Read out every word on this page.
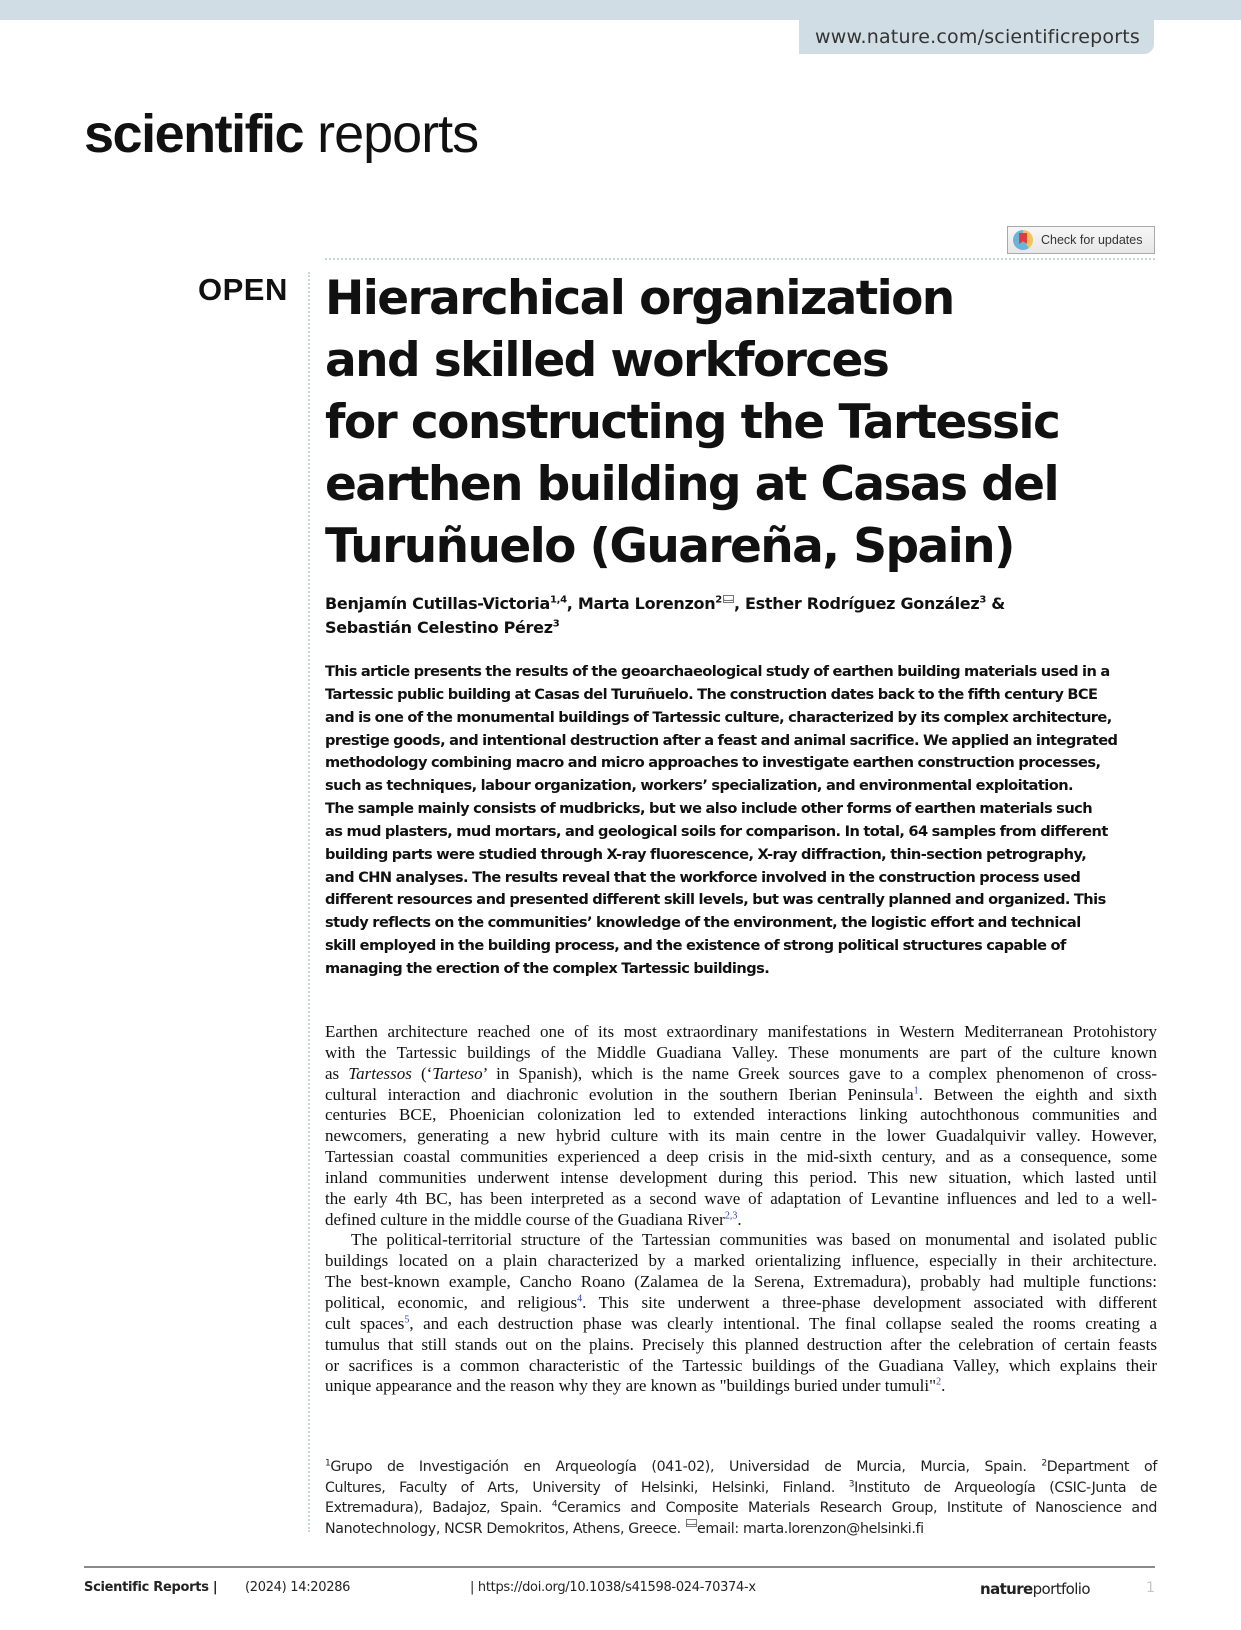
www.nature.com/scientificreports
scientific reports
Check for updates
OPEN Hierarchical organization
and skilled workforces
for constructing the Tartessic
earthen building at Casas del
Turuñuelo (Guareña, Spain)
Benjamín Cutillas-Victoria$^{1,4}$, Marta Lorenzon$^2$ , Esther Rodríguez González$^3$ &
Sebastián Celestino Pérez$^3$
This article presents the results of the geoarchaeological study of earthen building materials used in a
Tartessic public building at Casas del Turuñuelo. The construction dates back to the fifth century BCE
and is one of the monumental buildings of Tartessic culture, characterized by its complex architecture,
prestige goods, and intentional destruction after a feast and animal sacrifice. We applied an integrated
methodology combining macro and micro approaches to investigate earthen construction processes,
such as techniques, labour organization, workers’ specialization, and environmental exploitation.
The sample mainly consists of mudbricks, but we also include other forms of earthen materials such
as mud plasters, mud mortars, and geological soils for comparison. In total, 64 samples from different
building parts were studied through X-ray fluorescence, X-ray diffraction, thin-section petrography,
and CHN analyses. The results reveal that the workforce involved in the construction process used
different resources and presented different skill levels, but was centrally planned and organized. This
study reflects on the communities’ knowledge of the environment, the logistic effort and technical
skill employed in the building process, and the existence of strong political structures capable of
managing the erection of the complex Tartessic buildings.
Earthen architecture reached one of its most extraordinary manifestations in Western Mediterranean Protohistory
with the Tartessic buildings of the Middle Guadiana Valley. These monuments are part of the culture known
as Tartessos (‘Tarteso’ in Spanish), which is the name Greek sources gave to a complex phenomenon of cross-
cultural interaction and diachronic evolution in the southern Iberian Peninsula$^1$. Between the eighth and sixth
centuries BCE, Phoenician colonization led to extended interactions linking autochthonous communities and
newcomers, generating a new hybrid culture with its main centre in the lower Guadalquivir valley. However,
Tartessian coastal communities experienced a deep crisis in the mid-sixth century, and as a consequence, some
inland communities underwent intense development during this period. This new situation, which lasted until
the early 4th BC, has been interpreted as a second wave of adaptation of Levantine influences and led to a well-
defined culture in the middle course of the Guadiana River$^{2,3}$.
The political-territorial structure of the Tartessian communities was based on monumental and isolated public
buildings located on a plain characterized by a marked orientalizing influence, especially in their architecture.
The best-known example, Cancho Roano (Zalamea de la Serena, Extremadura), probably had multiple functions:
political, economic, and religious$^4$. This site underwent a three-phase development associated with different
cult spaces$^5$, and each destruction phase was clearly intentional. The final collapse sealed the rooms creating a
tumulus that still stands out on the plains. Precisely this planned destruction after the celebration of certain feasts
or sacrifices is a common characteristic of the Tartessic buildings of the Guadiana Valley, which explains their
unique appearance and the reason why they are known as "buildings buried under tumuli"$^2$.
$^1$Grupo de Investigación en Arqueología (041-02), Universidad de Murcia, Murcia, Spain. $^2$Department of
Cultures, Faculty of Arts, University of Helsinki, Helsinki, Finland. $^3$Instituto de Arqueología (CSIC-Junta de
Extremadura), Badajoz, Spain. $^4$Ceramics and Composite Materials Research Group, Institute of Nanoscience and
Nanotechnology, NCSR Demokritos, Athens, Greece. email: marta.lorenzon@helsinki.fi
Scientific Reports | (2024) 14:20286	| https://doi.org/10.1038/s41598-024-70374-x	natureportfolio	1
